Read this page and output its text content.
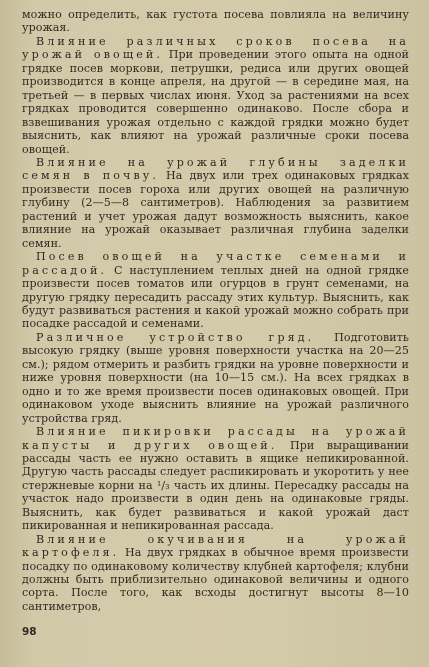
можно определить, как густота посева повлияла на величину урожая.

Влияние различных сроков посева на урожай овощей. При проведении этого опыта на одной грядке посев моркови, петрушки, редиса или других овощей производится в конце апреля, на другой — в середине мая, на третьей — в первых числах июня. Уход за растениями на всех грядках проводится совершенно одинаково. После сбора и взвешивания урожая отдельно с каждой грядки можно будет выяснить, как влияют на урожай различные сроки посева овощей.

Влияние на урожай глубины заделки семян в почву. На двух или трех одинаковых грядках произвести посев гороха или других овощей на различную глубину (2—5—8 сантиметров). Наблюдения за развитием растений и учет урожая дадут возможность выяснить, какое влияние на урожай оказывает различная глубина заделки семян.

Посев овощей на участке семенами и рассадой. С наступлением теплых дней на одной грядке произвести посев томатов или огурцов в грунт семенами, на другую грядку пересадить рассаду этих культур. Выяснить, как будут развиваться растения и какой урожай можно собрать при посадке рассадой и семенами.

Различное устройство гряд. Подготовить высокую грядку (выше уровня поверхности участка на 20—25 см.); рядом отмерить и разбить грядки на уровне поверхности и ниже уровня поверхности (на 10—15 см.). На всех грядках в одно и то же время произвести посев одинаковых овощей. При одинаковом уходе выяснить влияние на урожай различного устройства гряд.

Влияние пикировки рассады на урожай капусты и других овощей. При выращивании рассады часть ее нужно оставить в ящике непикированной. Другую часть рассады следует распикировать и укоротить у нее стержневые корни на ¹/₃ часть их длины. Пересадку рассады на участок надо произвести в один день на одинаковые гряды. Выяснить, как будет развиваться и какой урожай даст пикированная и непикированная рассада.

Влияние окучивания на урожай картофеля. На двух грядках в обычное время произвести посадку по одинаковому количеству клубней картофеля; клубни должны быть приблизительно одинаковой величины и одного сорта. После того, как всходы достигнут высоты 8—10 сантиметров,

98
